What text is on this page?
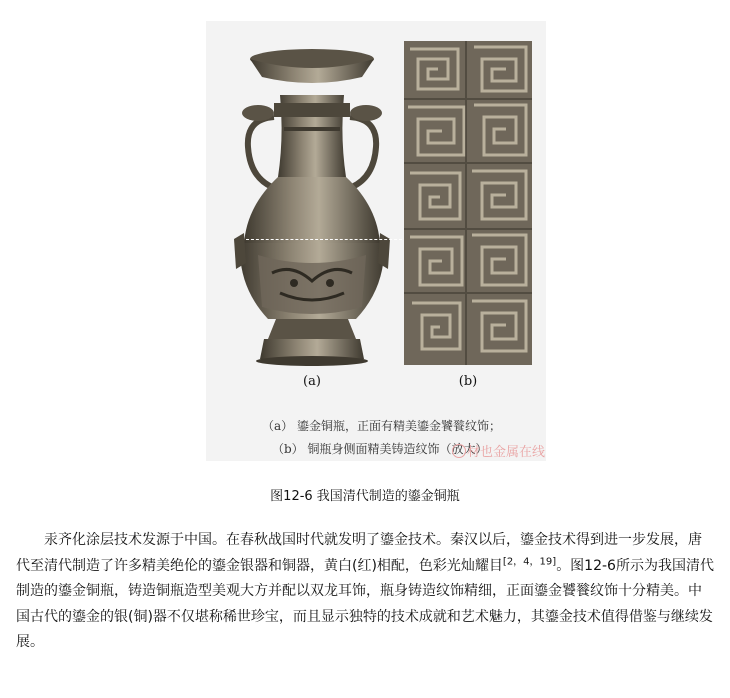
(a)	(b)
（a） 鎏金铜瓶，正面有精美鎏金饕餮纹饰；
（b） 铜瓶身侧面精美铸造纹饰（放大）
材也金属在线
图12-6 我国清代制造的鎏金铜瓶

汞齐化涂层技术发源于中国。在春秋战国时代就发明了鎏金技术。秦汉以后，鎏金技术得到进一步发展，唐代至清代制造了许多精美绝伦的鎏金银器和铜器，黄白(红)相配，色彩光灿耀目[2，4，19]。图12-6所示为我国清代制造的鎏金铜瓶，铸造铜瓶造型美观大方并配以双龙耳饰，瓶身铸造纹饰精细，正面鎏金饕餮纹饰十分精美。中国古代的鎏金的银(铜)器不仅堪称稀世珍宝，而且显示独特的技术成就和艺术魅力，其鎏金技术值得借鉴与继续发展。
